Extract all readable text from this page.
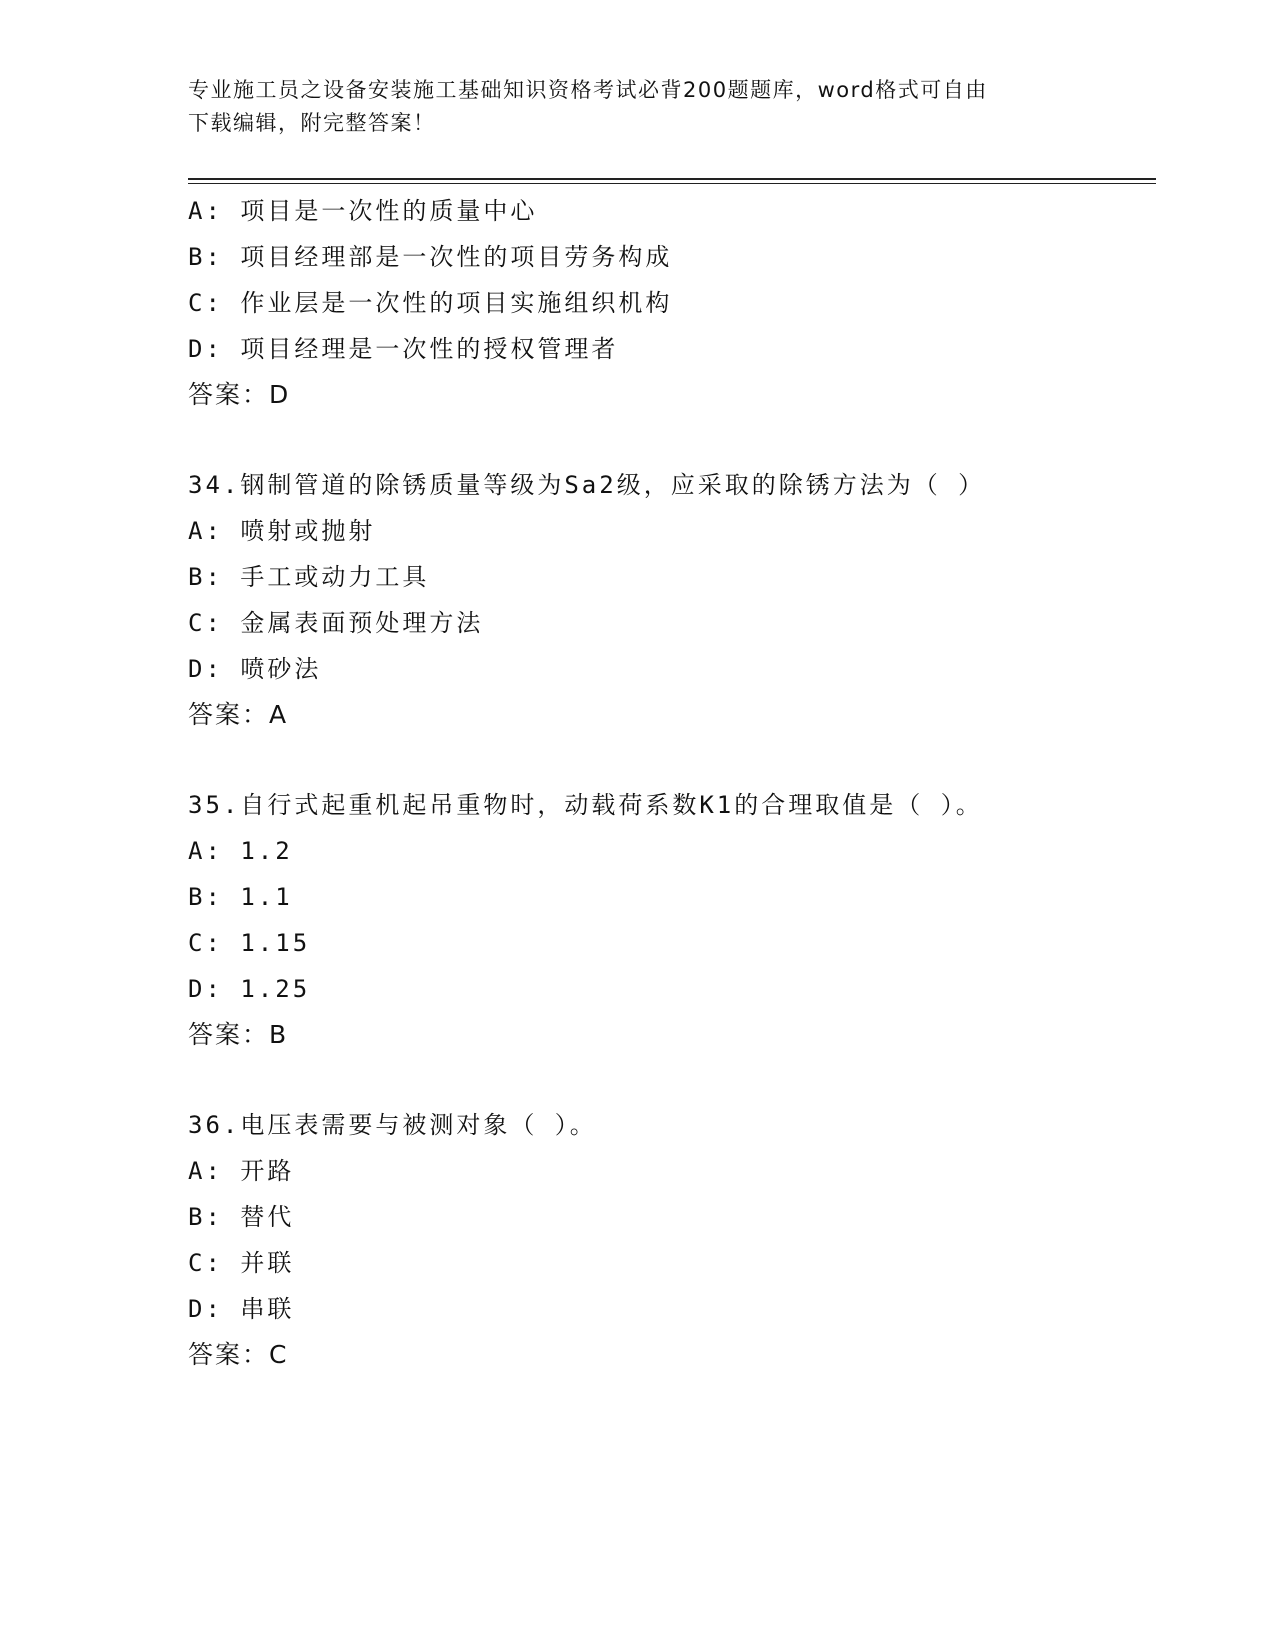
专业施工员之设备安装施工基础知识资格考试必背200题题库，word格式可自由
下载编辑，附完整答案！
A: 项目是一次性的质量中心
B: 项目经理部是一次性的项目劳务构成
C: 作业层是一次性的项目实施组织机构
D: 项目经理是一次性的授权管理者
答案：D
34.钢制管道的除锈质量等级为Sa2级，应采取的除锈方法为（ ）
A: 喷射或抛射
B: 手工或动力工具
C: 金属表面预处理方法
D: 喷砂法
答案：A
35.自行式起重机起吊重物时，动载荷系数K1的合理取值是（ ）。
A: 1.2
B: 1.1
C: 1.15
D: 1.25
答案：B
36.电压表需要与被测对象（ ）。
A: 开路
B: 替代
C: 并联
D: 串联
答案：C
